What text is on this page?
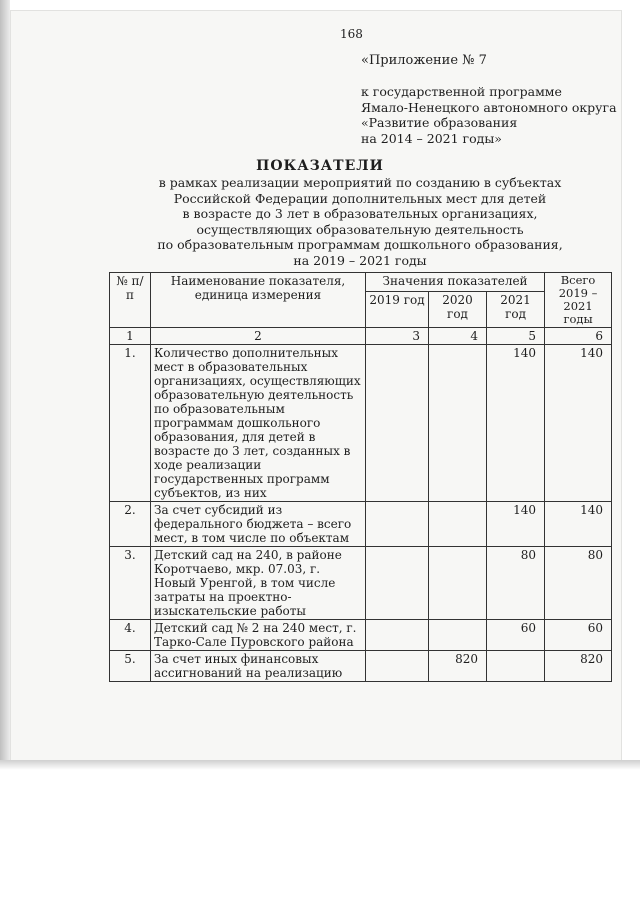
168
«Приложение № 7
к государственной программе
Ямало-Ненецкого автономного округа
«Развитие образования
на 2014 – 2021 годы»
ПОКАЗАТЕЛИ
в рамках реализации мероприятий по созданию в субъектах
Российской Федерации дополнительных мест для детей
в возрасте до 3 лет в образовательных организациях,
осуществляющих образовательную деятельность
по образовательным программам дошкольного образования,
на 2019 – 2021 годы
№ п/п	Наименование показателя, единица измерения	Значения показателей			Всего 2019 – 2021 годы
		2019 год	2020 год	2021 год	
1	2	3	4	5	6
1.	Количество дополнительных мест в образовательных организациях, осуществляющих образовательную деятельность по образовательным программам дошкольного образования, для детей в возрасте до 3 лет, созданных в ходе реализации государственных программ субъектов, из них			140	140
2.	За счет субсидий из федерального бюджета – всего мест, в том числе по объектам			140	140
3.	Детский сад на 240, в районе Коротчаево, мкр. 07.03, г. Новый Уренгой, в том числе затраты на проектно-изыскательские работы			80	80
4.	Детский сад № 2 на 240 мест, г. Тарко-Сале Пуровского района			60	60
5.	За счет иных финансовых ассигнований на реализацию		820		820
